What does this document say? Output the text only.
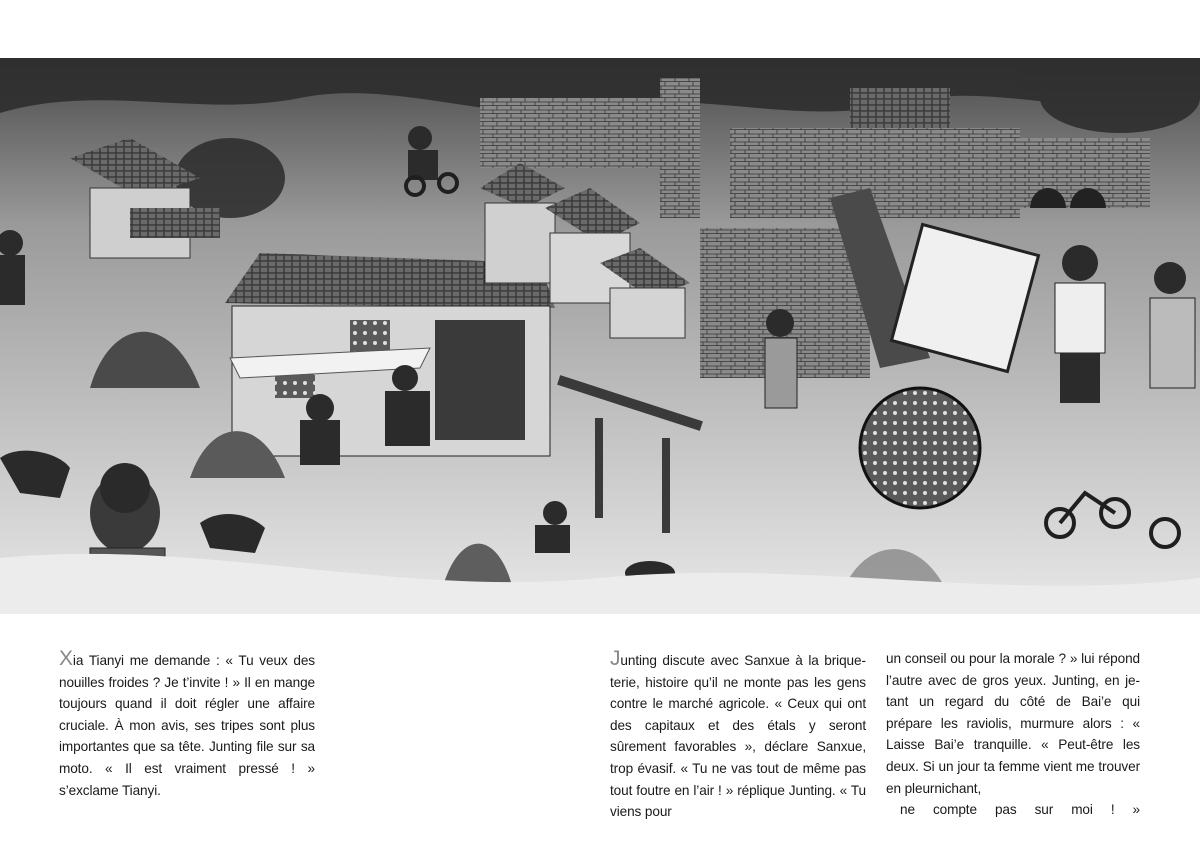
Xia Tianyi me demande : « Tu veux des nouilles froides ? Je t’invite ! » Il en mange toujours quand il doit régler une affaire cruciale. À mon avis, ses tripes sont plus importantes que sa tête. Junting file sur sa moto. « Il est vraiment pressé ! » s’exclame Tianyi.
Junting discute avec Sanxue à la briqueterie, histoire qu’il ne monte pas les gens contre le marché agricole. « Ceux qui ont des capitaux et des étals y seront sûrement favorables », déclare Sanxue, trop évasif. « Tu ne vas tout de même pas tout foutre en l’air ! » réplique Junting. « Tu viens pour
un conseil ou pour la morale ? » lui répond l’autre avec de gros yeux. Junting, en jetant un regard du côté de Bai’e qui prépare les raviolis, murmure alors : « Laisse Bai’e tranquille. « Peut-être les deux. Si un jour ta femme vient me trouver en pleurnichant,
ne compte pas sur moi ! »
